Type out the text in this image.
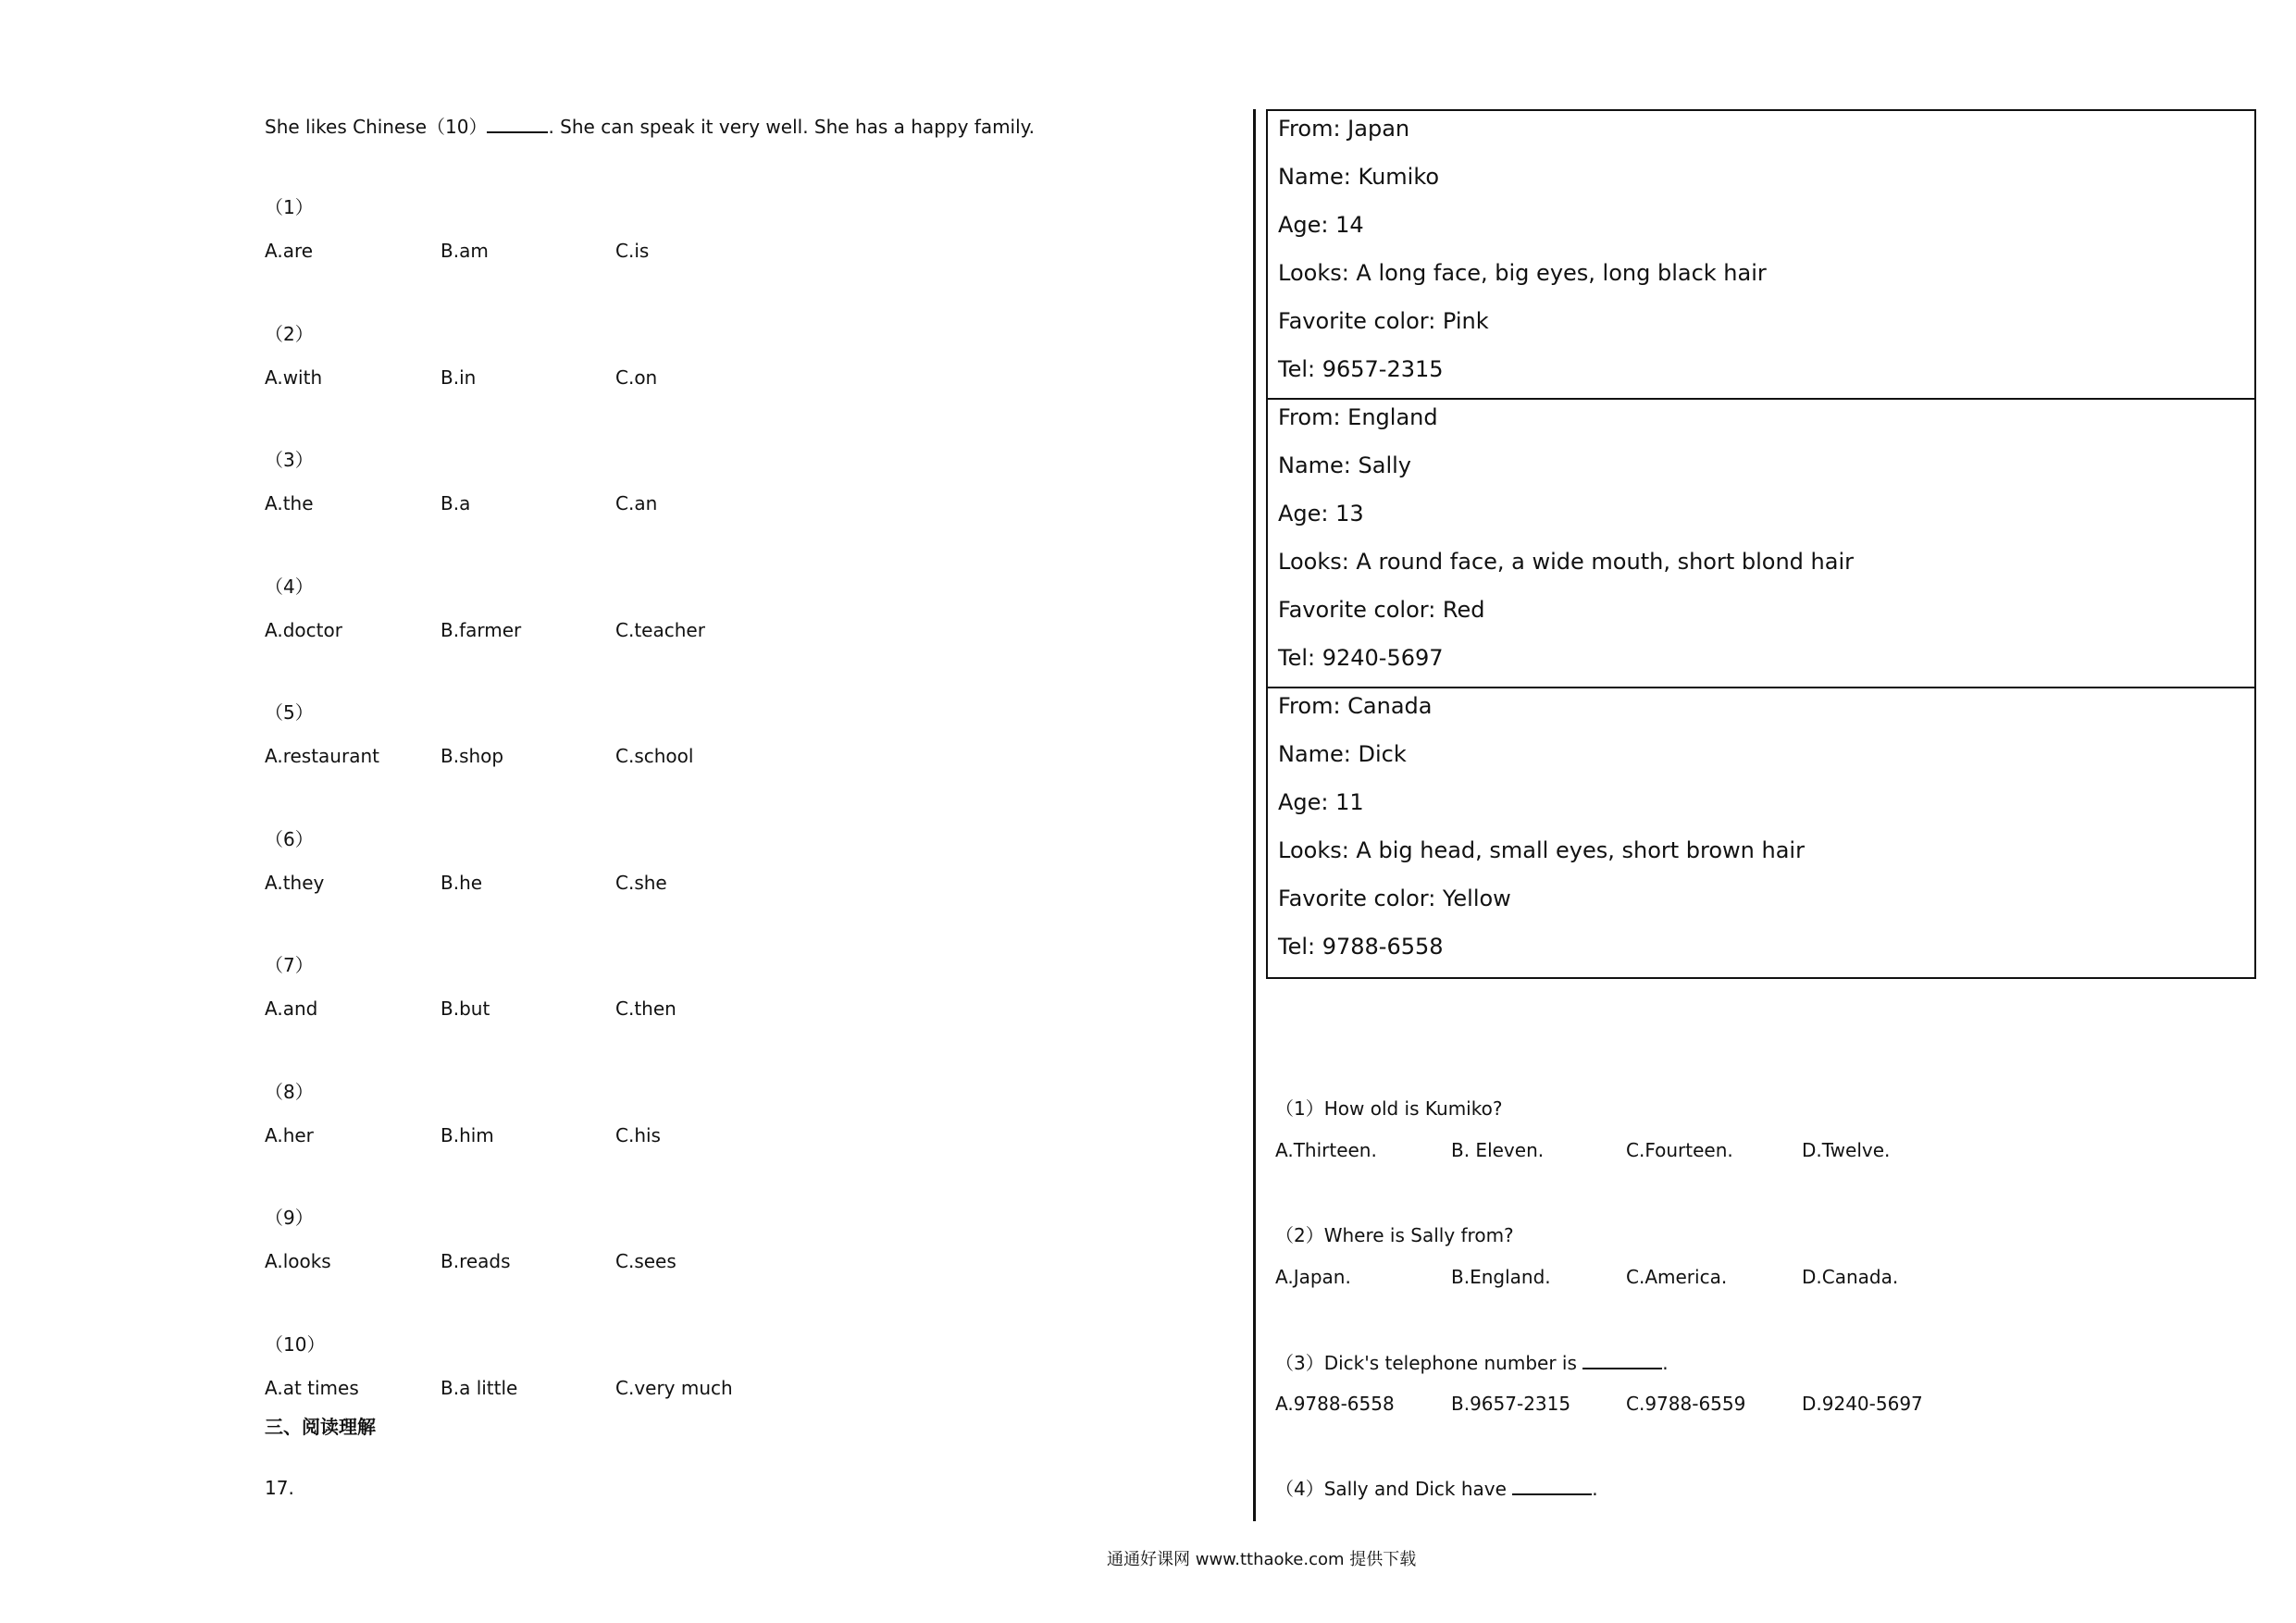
She likes Chinese（10）	. She can speak it very well. She has a happy family.
（1）
A.are	B.am	C.is
（2）
A.with	B.in	C.on
（3）
A.the	B.a	C.an
（4）
A.doctor	B.farmer	C.teacher
（5）
A.restaurant	B.shop	C.school
（6）
A.they	B.he	C.she
（7）
A.and	B.but	C.then
（8）
A.her	B.him	C.his
（9）
A.looks	B.reads	C.sees
（10）
A.at times	B.a little	C.very much
三、阅读理解
17.
From: Japan
Name: Kumiko
Age: 14
Looks: A long face, big eyes, long black hair
Favorite color: Pink
Tel: 9657-2315
From: England
Name: Sally
Age: 13
Looks: A round face, a wide mouth, short blond hair
Favorite color: Red
Tel: 9240-5697
From: Canada
Name: Dick
Age: 11
Looks: A big head, small eyes, short brown hair
Favorite color: Yellow
Tel: 9788-6558
（1）How old is Kumiko?
A.Thirteen.	B. Eleven.	C.Fourteen.	D.Twelve.
（2）Where is Sally from?
A.Japan.	B.England.	C.America.	D.Canada.
（3）Dick's telephone number is	.
A.9788-6558	B.9657-2315	C.9788-6559	D.9240-5697
（4）Sally and Dick have	.
通通好课网 www.tthaoke.com 提供下载
